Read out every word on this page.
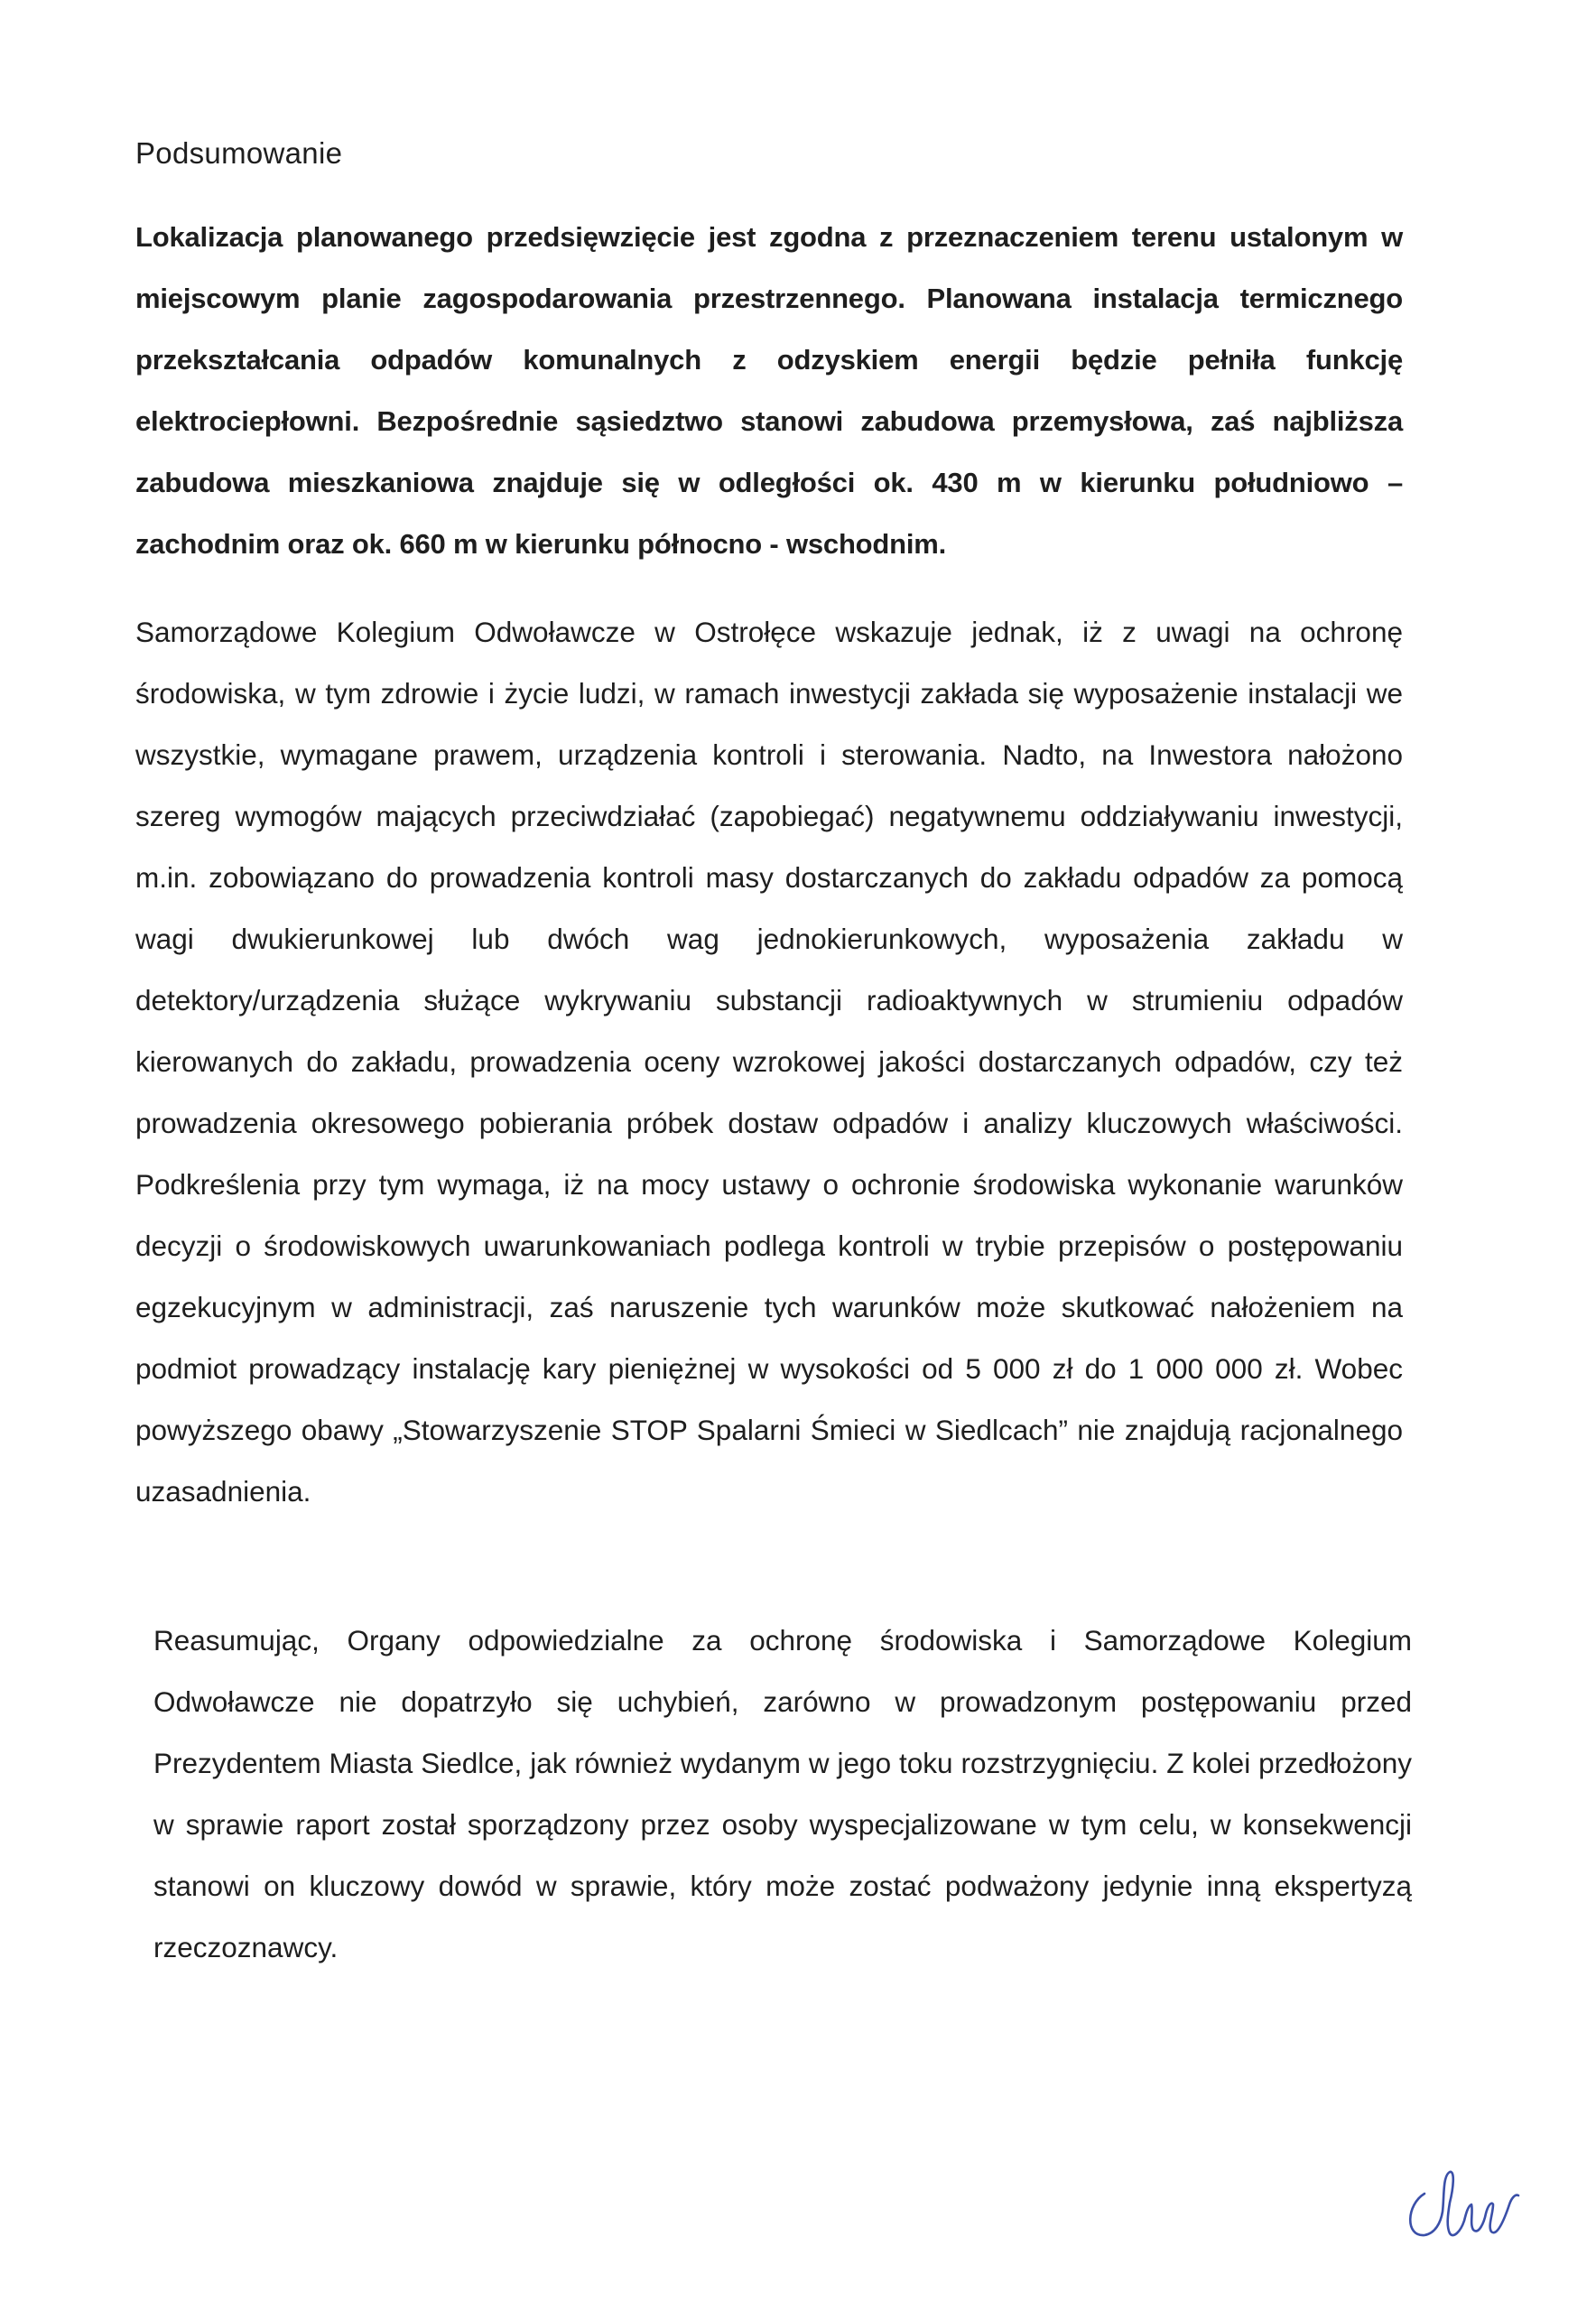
Podsumowanie

Lokalizacja planowanego przedsięwzięcie jest zgodna z przeznaczeniem terenu ustalonym w miejscowym planie zagospodarowania przestrzennego. Planowana instalacja termicznego przekształcania odpadów komunalnych z odzyskiem energii będzie pełniła funkcję elektrociepłowni. Bezpośrednie sąsiedztwo stanowi zabudowa przemysłowa, zaś najbliższa zabudowa mieszkaniowa znajduje się w odległości ok. 430 m w kierunku południowo – zachodnim oraz ok. 660 m w kierunku północno - wschodnim.

Samorządowe Kolegium Odwoławcze w Ostrołęce wskazuje jednak, iż z uwagi na ochronę środowiska, w tym zdrowie i życie ludzi, w ramach inwestycji zakłada się wyposażenie instalacji we wszystkie, wymagane prawem, urządzenia kontroli i sterowania. Nadto, na Inwestora nałożono szereg wymogów mających przeciwdziałać (zapobiegać) negatywnemu oddziaływaniu inwestycji, m.in. zobowiązano do prowadzenia kontroli masy dostarczanych do zakładu odpadów za pomocą wagi dwukierunkowej lub dwóch wag jednokierunkowych, wyposażenia zakładu w detektory/urządzenia służące wykrywaniu substancji radioaktywnych w strumieniu odpadów kierowanych do zakładu, prowadzenia oceny wzrokowej jakości dostarczanych odpadów, czy też prowadzenia okresowego pobierania próbek dostaw odpadów i analizy kluczowych właściwości. Podkreślenia przy tym wymaga, iż na mocy ustawy o ochronie środowiska wykonanie warunków decyzji o środowiskowych uwarunkowaniach podlega kontroli w trybie przepisów o postępowaniu egzekucyjnym w administracji, zaś naruszenie tych warunków może skutkować nałożeniem na podmiot prowadzący instalację kary pieniężnej w wysokości od 5 000 zł do 1 000 000 zł. Wobec powyższego obawy „Stowarzyszenie STOP Spalarni Śmieci w Siedlcach” nie znajdują racjonalnego uzasadnienia.

Reasumując, Organy odpowiedzialne za ochronę środowiska i Samorządowe Kolegium Odwoławcze nie dopatrzyło się uchybień, zarówno w prowadzonym postępowaniu przed Prezydentem Miasta Siedlce, jak również wydanym w jego toku rozstrzygnięciu. Z kolei przedłożony w sprawie raport został sporządzony przez osoby wyspecjalizowane w tym celu, w konsekwencji stanowi on kluczowy dowód w sprawie, który może zostać podważony jedynie inną ekspertyzą rzeczoznawcy.
